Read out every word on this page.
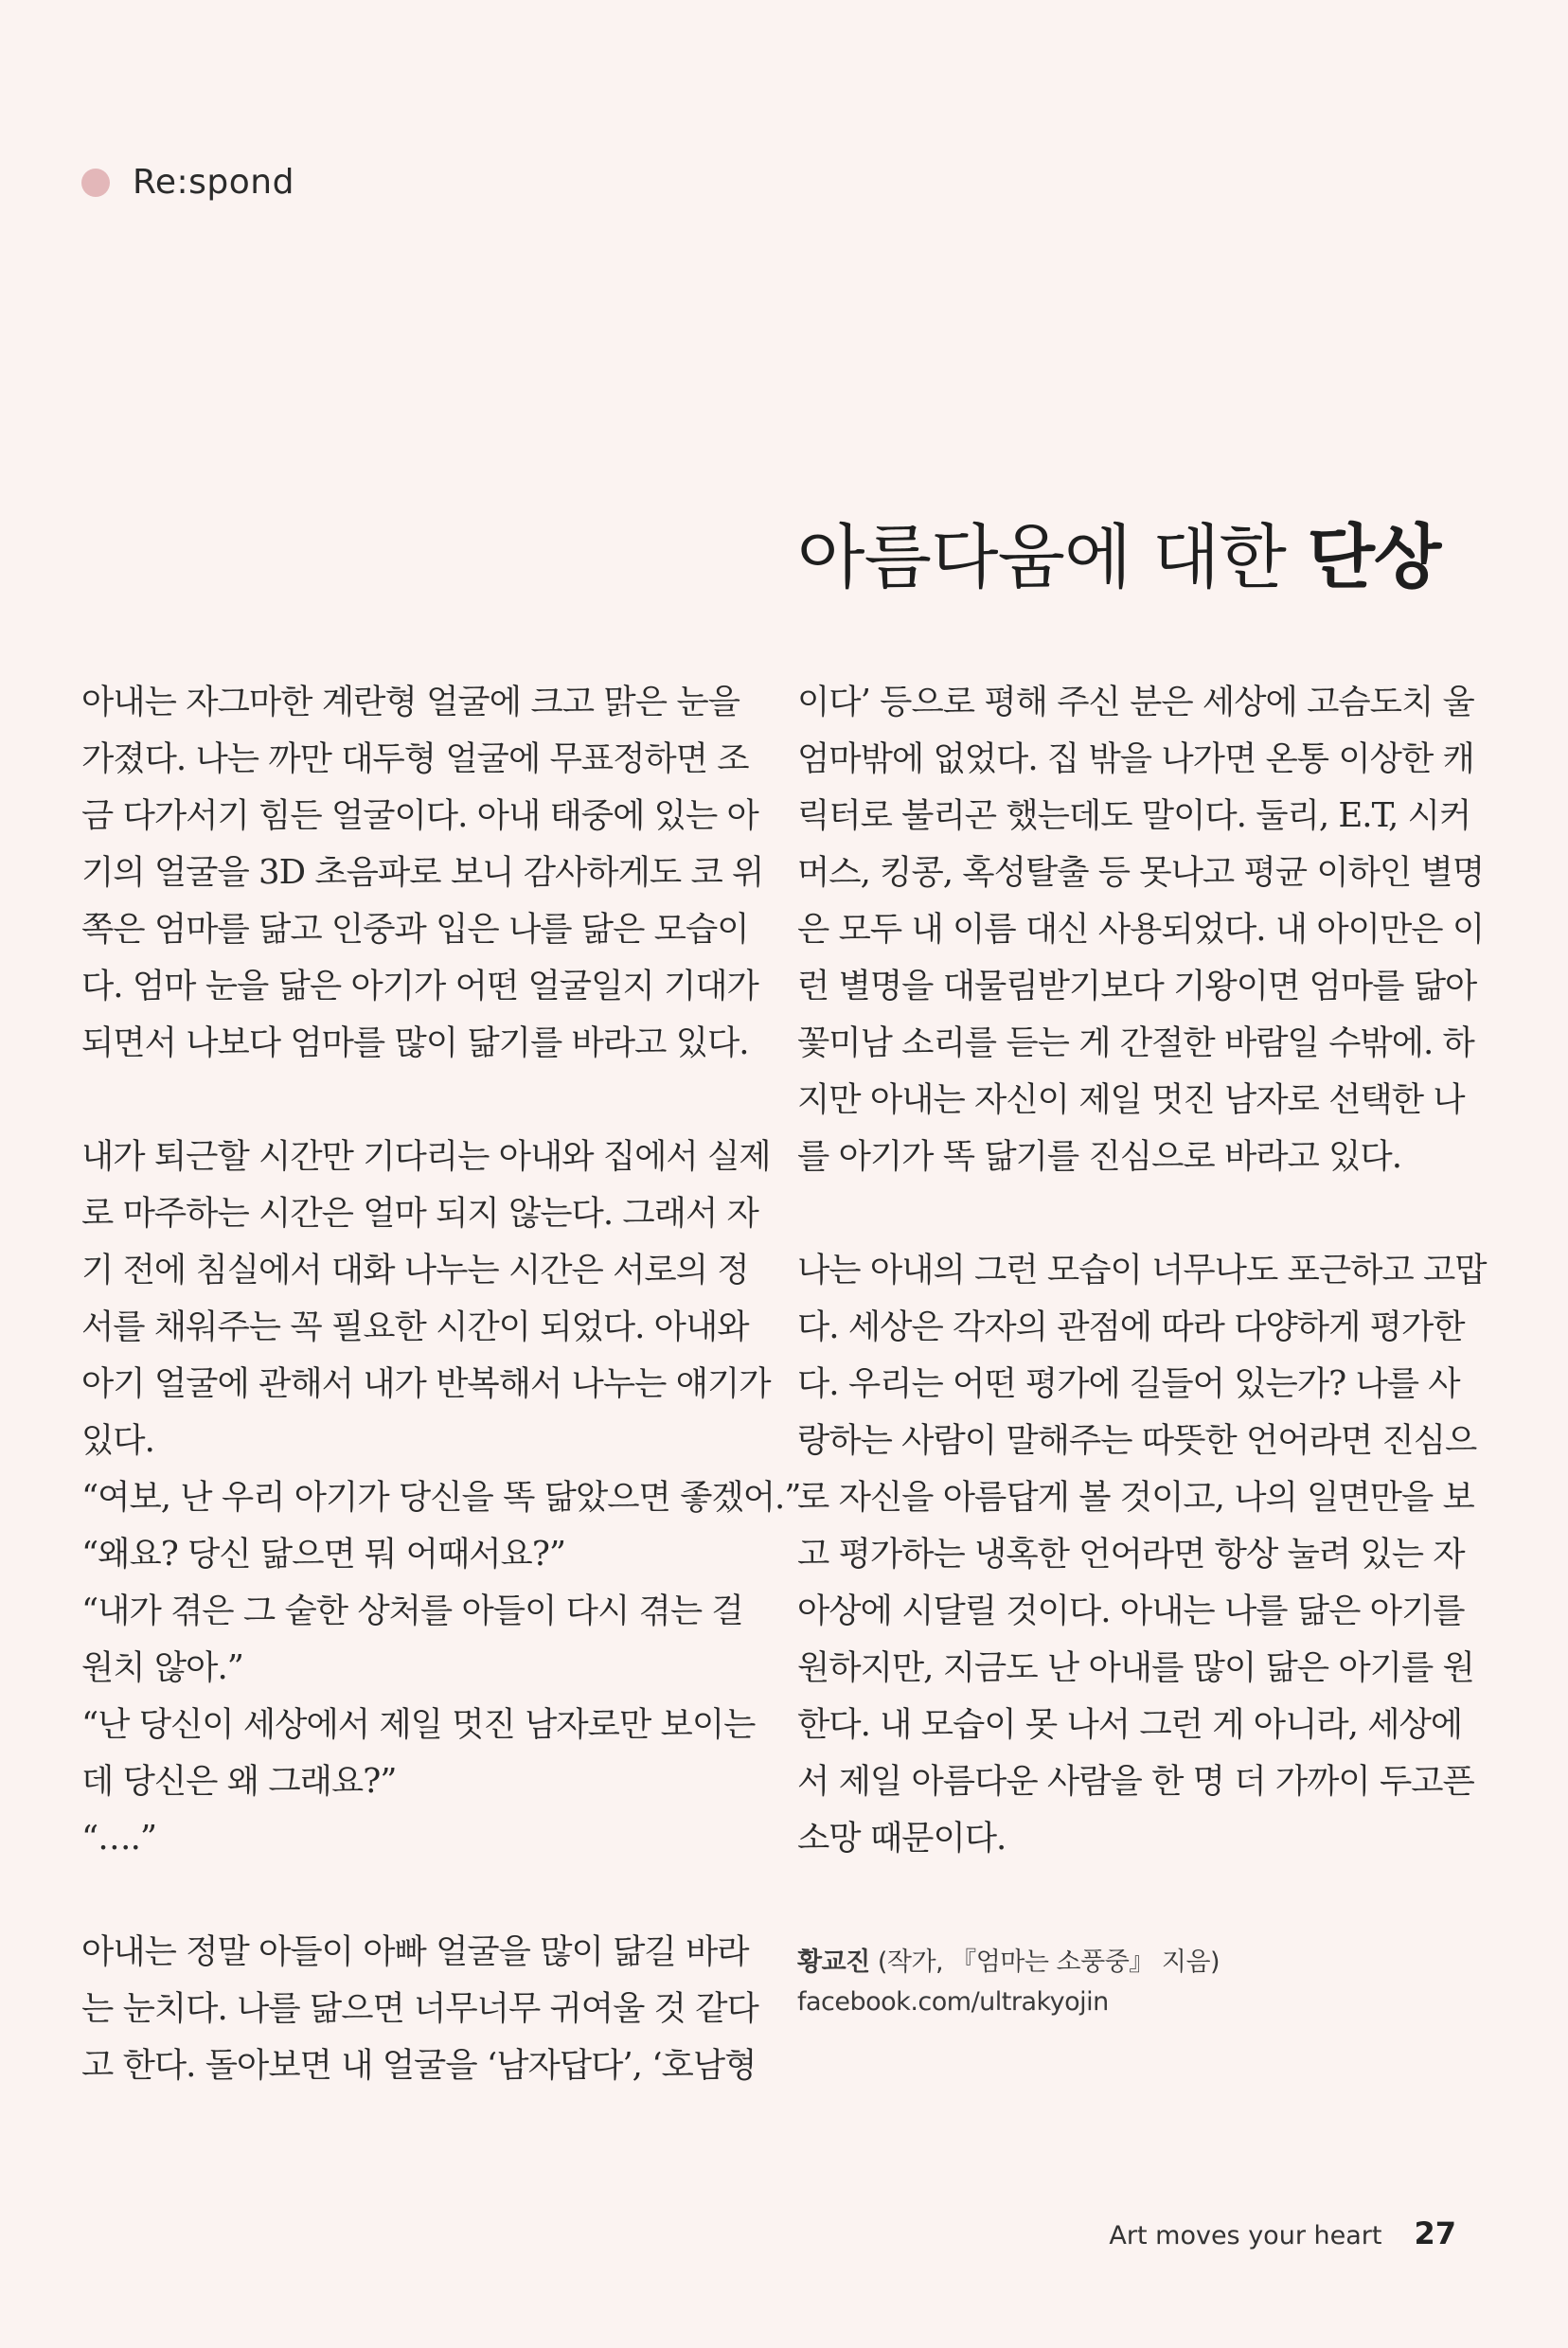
Re:spond
아름다움에 대한 단상
아내는 자그마한 계란형 얼굴에 크고 맑은 눈을
가졌다. 나는 까만 대두형 얼굴에 무표정하면 조
금 다가서기 힘든 얼굴이다. 아내 태중에 있는 아
기의 얼굴을 3D 초음파로 보니 감사하게도 코 위
쪽은 엄마를 닮고 인중과 입은 나를 닮은 모습이
다. 엄마 눈을 닮은 아기가 어떤 얼굴일지 기대가
되면서 나보다 엄마를 많이 닮기를 바라고 있다.
내가 퇴근할 시간만 기다리는 아내와 집에서 실제
로 마주하는 시간은 얼마 되지 않는다. 그래서 자
기 전에 침실에서 대화 나누는 시간은 서로의 정
서를 채워주는 꼭 필요한 시간이 되었다. 아내와
아기 얼굴에 관해서 내가 반복해서 나누는 얘기가
있다.
“여보, 난 우리 아기가 당신을 똑 닮았으면 좋겠어.”
“왜요? 당신 닮으면 뭐 어때서요?”
“내가 겪은 그 숱한 상처를 아들이 다시 겪는 걸
원치 않아.”
“난 당신이 세상에서 제일 멋진 남자로만 보이는
데 당신은 왜 그래요?”
“….”
아내는 정말 아들이 아빠 얼굴을 많이 닮길 바라
는 눈치다. 나를 닮으면 너무너무 귀여울 것 같다
고 한다. 돌아보면 내 얼굴을 ‘남자답다’, ‘호남형
이다’ 등으로 평해 주신 분은 세상에 고슴도치 울
엄마밖에 없었다. 집 밖을 나가면 온통 이상한 캐
릭터로 불리곤 했는데도 말이다. 둘리, E.T, 시커
머스, 킹콩, 혹성탈출 등 못나고 평균 이하인 별명
은 모두 내 이름 대신 사용되었다. 내 아이만은 이
런 별명을 대물림받기보다 기왕이면 엄마를 닮아
꽃미남 소리를 듣는 게 간절한 바람일 수밖에. 하
지만 아내는 자신이 제일 멋진 남자로 선택한 나
를 아기가 똑 닮기를 진심으로 바라고 있다.
나는 아내의 그런 모습이 너무나도 포근하고 고맙
다. 세상은 각자의 관점에 따라 다양하게 평가한
다. 우리는 어떤 평가에 길들어 있는가? 나를 사
랑하는 사람이 말해주는 따뜻한 언어라면 진심으
로 자신을 아름답게 볼 것이고, 나의 일면만을 보
고 평가하는 냉혹한 언어라면 항상 눌려 있는 자
아상에 시달릴 것이다. 아내는 나를 닮은 아기를
원하지만, 지금도 난 아내를 많이 닮은 아기를 원
한다. 내 모습이 못 나서 그런 게 아니라, 세상에
서 제일 아름다운 사람을 한 명 더 가까이 두고픈
소망 때문이다.
황교진 (작가, 『엄마는 소풍중』 지음)
facebook.com/ultrakyojin
Art moves your heart 27
